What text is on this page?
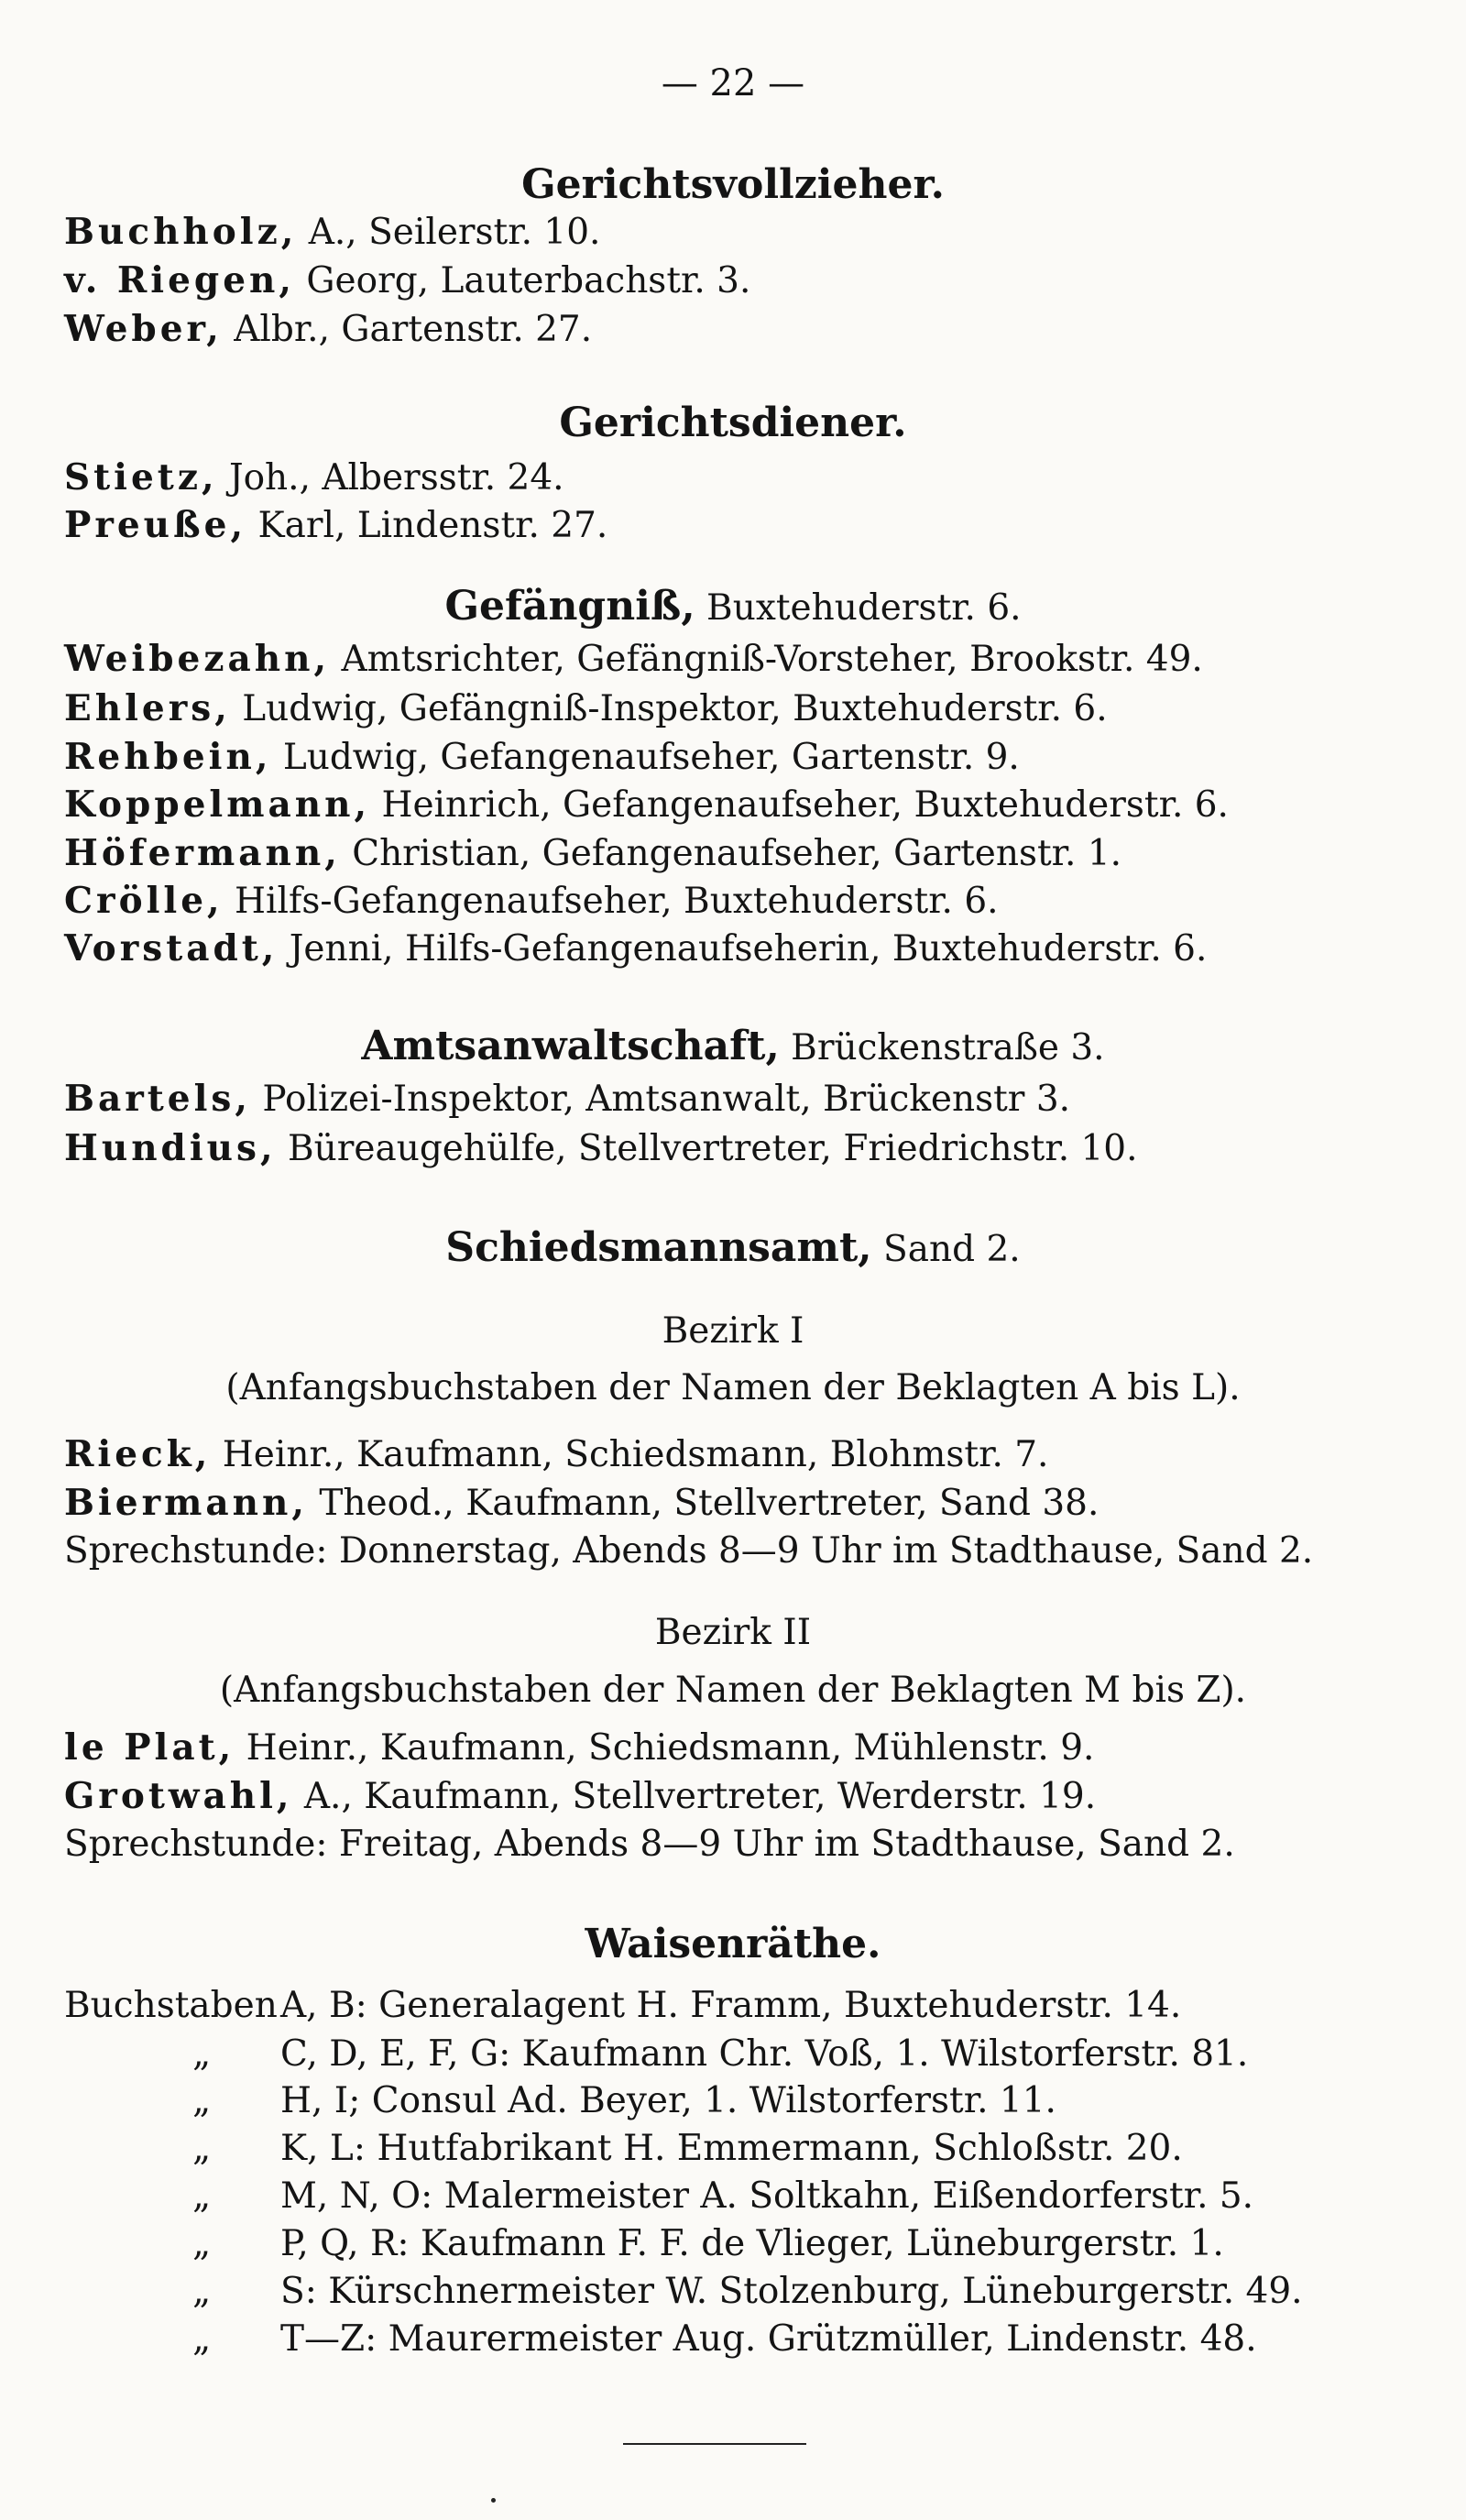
— 22 —

Gerichtsvollzieher.

Buchholz, A., Seilerstr. 10.

v. Riegen, Georg, Lauterbachstr. 3.

Weber, Albr., Gartenstr. 27.

Gerichtsdiener.

Stietz, Joh., Albersstr. 24.

Preuße, Karl, Lindenstr. 27.

Gefängniß, Buxtehuderstr. 6.

Weibezahn, Amtsrichter, Gefängniß-Vorsteher, Brookstr. 49.

Ehlers, Ludwig, Gefängniß-Inspektor, Buxtehuderstr. 6.

Rehbein, Ludwig, Gefangenaufseher, Gartenstr. 9.

Koppelmann, Heinrich, Gefangenaufseher, Buxtehuderstr. 6.

Höfermann, Christian, Gefangenaufseher, Gartenstr. 1.

Crölle, Hilfs-Gefangenaufseher, Buxtehuderstr. 6.

Vorstadt, Jenni, Hilfs-Gefangenaufseherin, Buxtehuderstr. 6.

Amtsanwaltschaft, Brückenstraße 3.

Bartels, Polizei-Inspektor, Amtsanwalt, Brückenstr 3.

Hundius, Büreaugehülfe, Stellvertreter, Friedrichstr. 10.

Schiedsmannsamt, Sand 2.

Bezirk I

(Anfangsbuchstaben der Namen der Beklagten A bis L).

Rieck, Heinr., Kaufmann, Schiedsmann, Blohmstr. 7.

Biermann, Theod., Kaufmann, Stellvertreter, Sand 38.

Sprechstunde: Donnerstag, Abends 8—9 Uhr im Stadthause, Sand 2.

Bezirk II

(Anfangsbuchstaben der Namen der Beklagten M bis Z).

le Plat, Heinr., Kaufmann, Schiedsmann, Mühlenstr. 9.

Grotwahl, A., Kaufmann, Stellvertreter, Werderstr. 19.

Sprechstunde: Freitag, Abends 8—9 Uhr im Stadthause, Sand 2.

Waisenräthe.

Buchstaben A, B: Generalagent H. Framm, Buxtehuderstr. 14.
„	C, D, E, F, G: Kaufmann Chr. Voß, 1. Wilstorferstr. 81.
„	H, I; Consul Ad. Beyer, 1. Wilstorferstr. 11.
„	K, L: Hutfabrikant H. Emmermann, Schloßstr. 20.
„	M, N, O: Malermeister A. Soltkahn, Eißendorferstr. 5.
„	P, Q, R: Kaufmann F. F. de Vlieger, Lüneburgerstr. 1.
„	S: Kürschnermeister W. Stolzenburg, Lüneburgerstr. 49.
„	T—Z: Maurermeister Aug. Grützmüller, Lindenstr. 48.
